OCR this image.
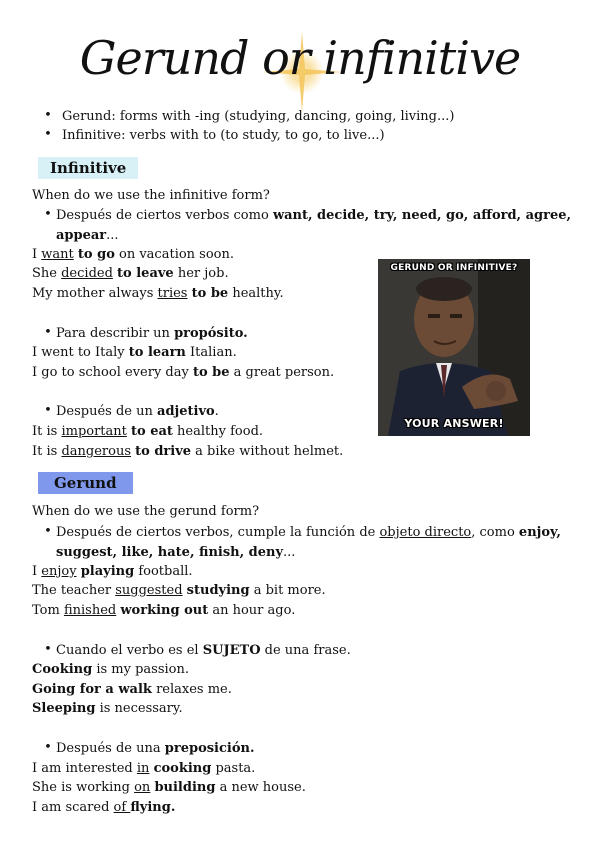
Gerund or infinitive
• Gerund: forms with -ing (studying, dancing, going, living...)
• Infinitive: verbs with to (to study, to go, to live...)
Infinitive
When do we use the infinitive form?
• Después de ciertos verbos como want, decide, try, need, go, afford, agree,
appear...
I want to go on vacation soon.
She decided to leave her job.
My mother always tries to be healthy.
• Para describir un propósito.
I went to Italy to learn Italian.
I go to school every day to be a great person.
• Después de un adjetivo.
It is important to eat healthy food.
It is dangerous to drive a bike without helmet.
GERUND OR INFINITIVE?
YOUR ANSWER!
Gerund
When do we use the gerund form?
• Después de ciertos verbos, cumple la función de objeto directo, como enjoy,
suggest, like, hate, finish, deny...
I enjoy playing football.
The teacher suggested studying a bit more.
Tom finished working out an hour ago.
• Cuando el verbo es el SUJETO de una frase.
Cooking is my passion.
Going for a walk relaxes me.
Sleeping is necessary.
• Después de una preposición.
I am interested in cooking pasta.
She is working on building a new house.
I am scared of flying.
